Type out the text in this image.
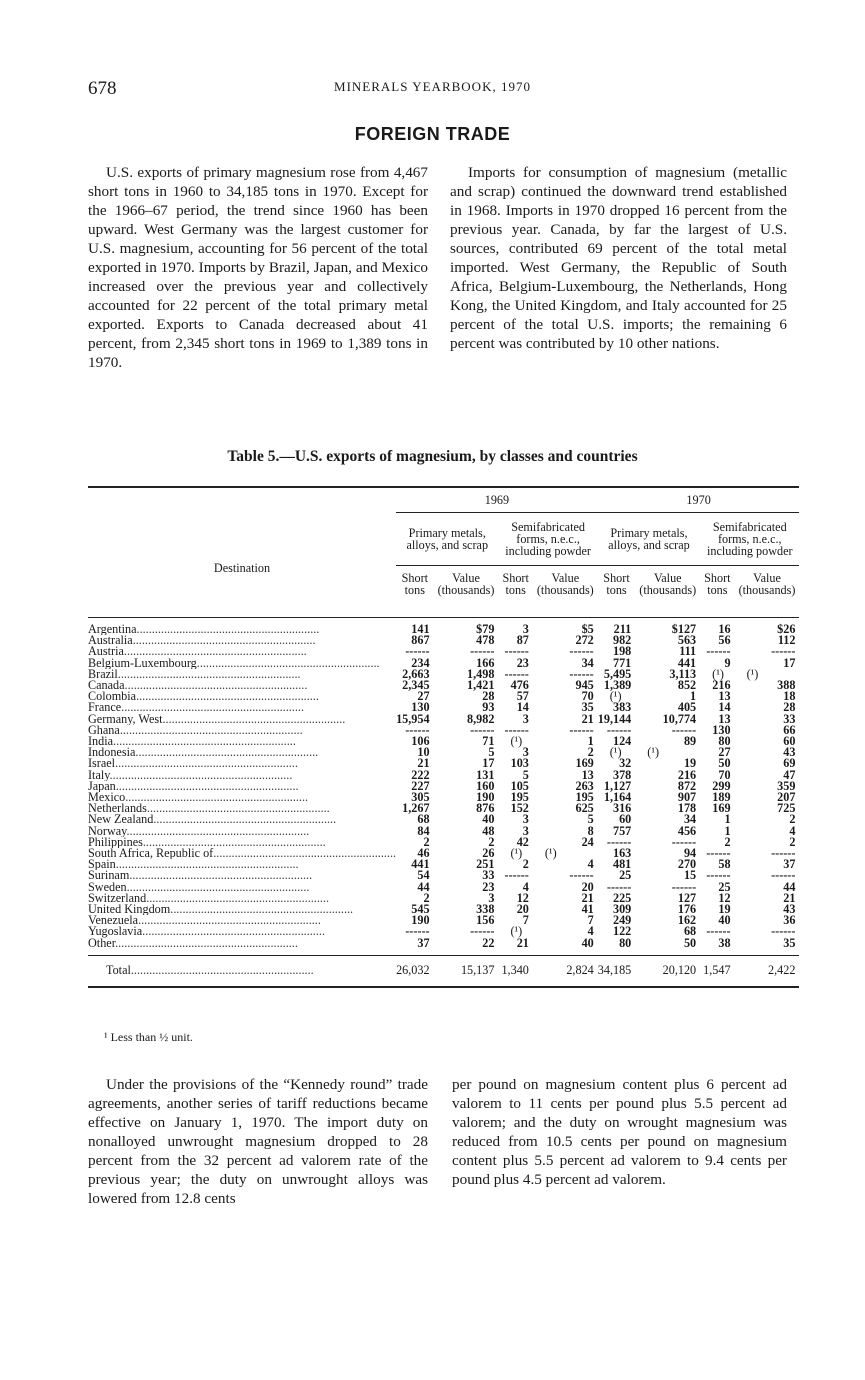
678	MINERALS YEARBOOK, 1970
FOREIGN TRADE

U.S. exports of primary magnesium rose from 4,467 short tons in 1960 to 34,185 tons in 1970. Except for the 1966–67 period, the trend since 1960 has been upward. West Germany was the largest customer for U.S. magnesium, accounting for 56 percent of the total exported in 1970. Imports by Brazil, Japan, and Mexico increased over the previous year and collectively accounted for 22 percent of the total primary metal exported. Exports to Canada decreased about 41 percent, from 2,345 short tons in 1969 to 1,389 tons in 1970.

Imports for consumption of magnesium (metallic and scrap) continued the downward trend established in 1968. Imports in 1970 dropped 16 percent from the previous year. Canada, by far the largest of U.S. sources, contributed 69 percent of the total metal imported. West Germany, the Republic of South Africa, Belgium-Luxembourg, the Netherlands, Hong Kong, the United Kingdom, and Italy accounted for 25 percent of the total U.S. imports; the remaining 6 percent was contributed by 10 other nations.

Table 5.—U.S. exports of magnesium, by classes and countries
Destination	1969				1970			
	Primary metals, alloys, and scrap		Semifabricated forms, n.e.c., including powder		Primary metals, alloys, and scrap		Semifabricated forms, n.e.c., including powder	
	Short tons	Value (thousands)	Short tons	Value (thousands)	Short tons	Value (thousands)	Short tons	Value (thousands)

Argentina............................................................	141	$79	3	$5	211	$127	16	$26
Australia............................................................	867	478	87	272	982	563	56	112
Austria............................................................	------	------	------	------	198	111	------	------
Belgium-Luxembourg............................................................	234	166	23	34	771	441	9	17
Brazil............................................................	2,663	1,498	------	------	5,495	3,113	(¹)	(¹)
Canada............................................................	2,345	1,421	476	945	1,389	852	216	388
Colombia............................................................	27	28	57	70	(¹)	1	13	18
France............................................................	130	93	14	35	383	405	14	28
Germany, West............................................................	15,954	8,982	3	21	19,144	10,774	13	33
Ghana............................................................	------	------	------	------	------	------	130	66
India............................................................	106	71	(¹)	1	124	89	80	60
Indonesia............................................................	10	5	3	2	(¹)	(¹)	27	43
Israel............................................................	21	17	103	169	32	19	50	69
Italy............................................................	222	131	5	13	378	216	70	47
Japan............................................................	227	160	105	263	1,127	872	299	359
Mexico............................................................	305	190	195	195	1,164	907	189	207
Netherlands............................................................	1,267	876	152	625	316	178	169	725
New Zealand............................................................	68	40	3	5	60	34	1	2
Norway............................................................	84	48	3	8	757	456	1	4
Philippines............................................................	2	2	42	24	------	------	2	2
South Africa, Republic of............................................................	46	26	(¹)	(¹)	163	94	------	------
Spain............................................................	441	251	2	4	481	270	58	37
Surinam............................................................	54	33	------	------	25	15	------	------
Sweden............................................................	44	23	4	20	------	------	25	44
Switzerland............................................................	2	3	12	21	225	127	12	21
United Kingdom............................................................	545	338	20	41	309	176	19	43
Venezuela............................................................	190	156	7	7	249	162	40	36
Yugoslavia............................................................	------	------	(¹)	4	122	68	------	------
Other............................................................	37	22	21	40	80	50	38	35

Total............................................................	26,032	15,137	1,340	2,824	34,185	20,120	1,547	2,422
¹ Less than ½ unit.

Under the provisions of the “Kennedy round” trade agreements, another series of tariff reductions became effective on January 1, 1970. The import duty on nonalloyed unwrought magnesium dropped to 28 percent from the 32 percent ad valorem rate of the previous year; the duty on unwrought alloys was lowered from 12.8 cents

per pound on magnesium content plus 6 percent ad valorem to 11 cents per pound plus 5.5 percent ad valorem; and the duty on wrought magnesium was reduced from 10.5 cents per pound on magnesium content plus 5.5 percent ad valorem to 9.4 cents per pound plus 4.5 percent ad valorem.
